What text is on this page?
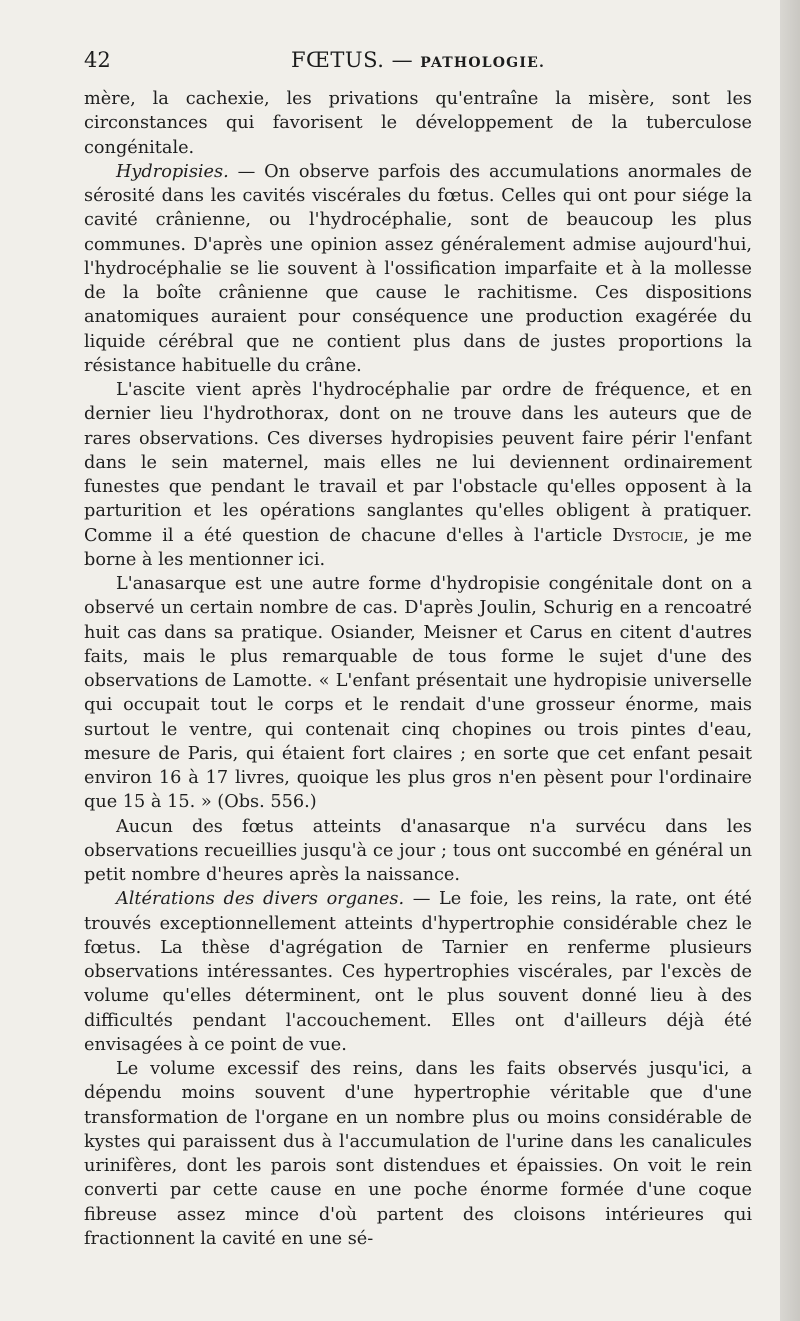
42	FŒTUS. — PATHOLOGIE.

mère, la cachexie, les privations qu'entraîne la misère, sont les circonstances qui favorisent le développement de la tuberculose congénitale.

Hydropisies. — On observe parfois des accumulations anormales de sérosité dans les cavités viscérales du fœtus. Celles qui ont pour siége la cavité crânienne, ou l'hydrocéphalie, sont de beaucoup les plus communes. D'après une opinion assez généralement admise aujourd'hui, l'hydrocéphalie se lie souvent à l'ossification imparfaite et à la mollesse de la boîte crânienne que cause le rachitisme. Ces dispositions anatomiques auraient pour conséquence une production exagérée du liquide cérébral que ne contient plus dans de justes proportions la résistance habituelle du crâne.

L'ascite vient après l'hydrocéphalie par ordre de fréquence, et en dernier lieu l'hydrothorax, dont on ne trouve dans les auteurs que de rares observations. Ces diverses hydropisies peuvent faire périr l'enfant dans le sein maternel, mais elles ne lui deviennent ordinairement funestes que pendant le travail et par l'obstacle qu'elles opposent à la parturition et les opérations sanglantes qu'elles obligent à pratiquer. Comme il a été question de chacune d'elles à l'article Dystocie, je me borne à les mentionner ici.

L'anasarque est une autre forme d'hydropisie congénitale dont on a observé un certain nombre de cas. D'après Joulin, Schurig en a rencoatré huit cas dans sa pratique. Osiander, Meisner et Carus en citent d'autres faits, mais le plus remarquable de tous forme le sujet d'une des observations de Lamotte. « L'enfant présentait une hydropisie universelle qui occupait tout le corps et le rendait d'une grosseur énorme, mais surtout le ventre, qui contenait cinq chopines ou trois pintes d'eau, mesure de Paris, qui étaient fort claires ; en sorte que cet enfant pesait environ 16 à 17 livres, quoique les plus gros n'en pèsent pour l'ordinaire que 15 à 15. » (Obs. 556.)

Aucun des fœtus atteints d'anasarque n'a survécu dans les observations recueillies jusqu'à ce jour ; tous ont succombé en général un petit nombre d'heures après la naissance.

Altérations des divers organes. — Le foie, les reins, la rate, ont été trouvés exceptionnellement atteints d'hypertrophie considérable chez le fœtus. La thèse d'agrégation de Tarnier en renferme plusieurs observations intéressantes. Ces hypertrophies viscérales, par l'excès de volume qu'elles déterminent, ont le plus souvent donné lieu à des difficultés pendant l'accouchement. Elles ont d'ailleurs déjà été envisagées à ce point de vue.

Le volume excessif des reins, dans les faits observés jusqu'ici, a dépendu moins souvent d'une hypertrophie véritable que d'une transformation de l'organe en un nombre plus ou moins considérable de kystes qui paraissent dus à l'accumulation de l'urine dans les canalicules urinifères, dont les parois sont distendues et épaissies. On voit le rein converti par cette cause en une poche énorme formée d'une coque fibreuse assez mince d'où partent des cloisons intérieures qui fractionnent la cavité en une sé-
